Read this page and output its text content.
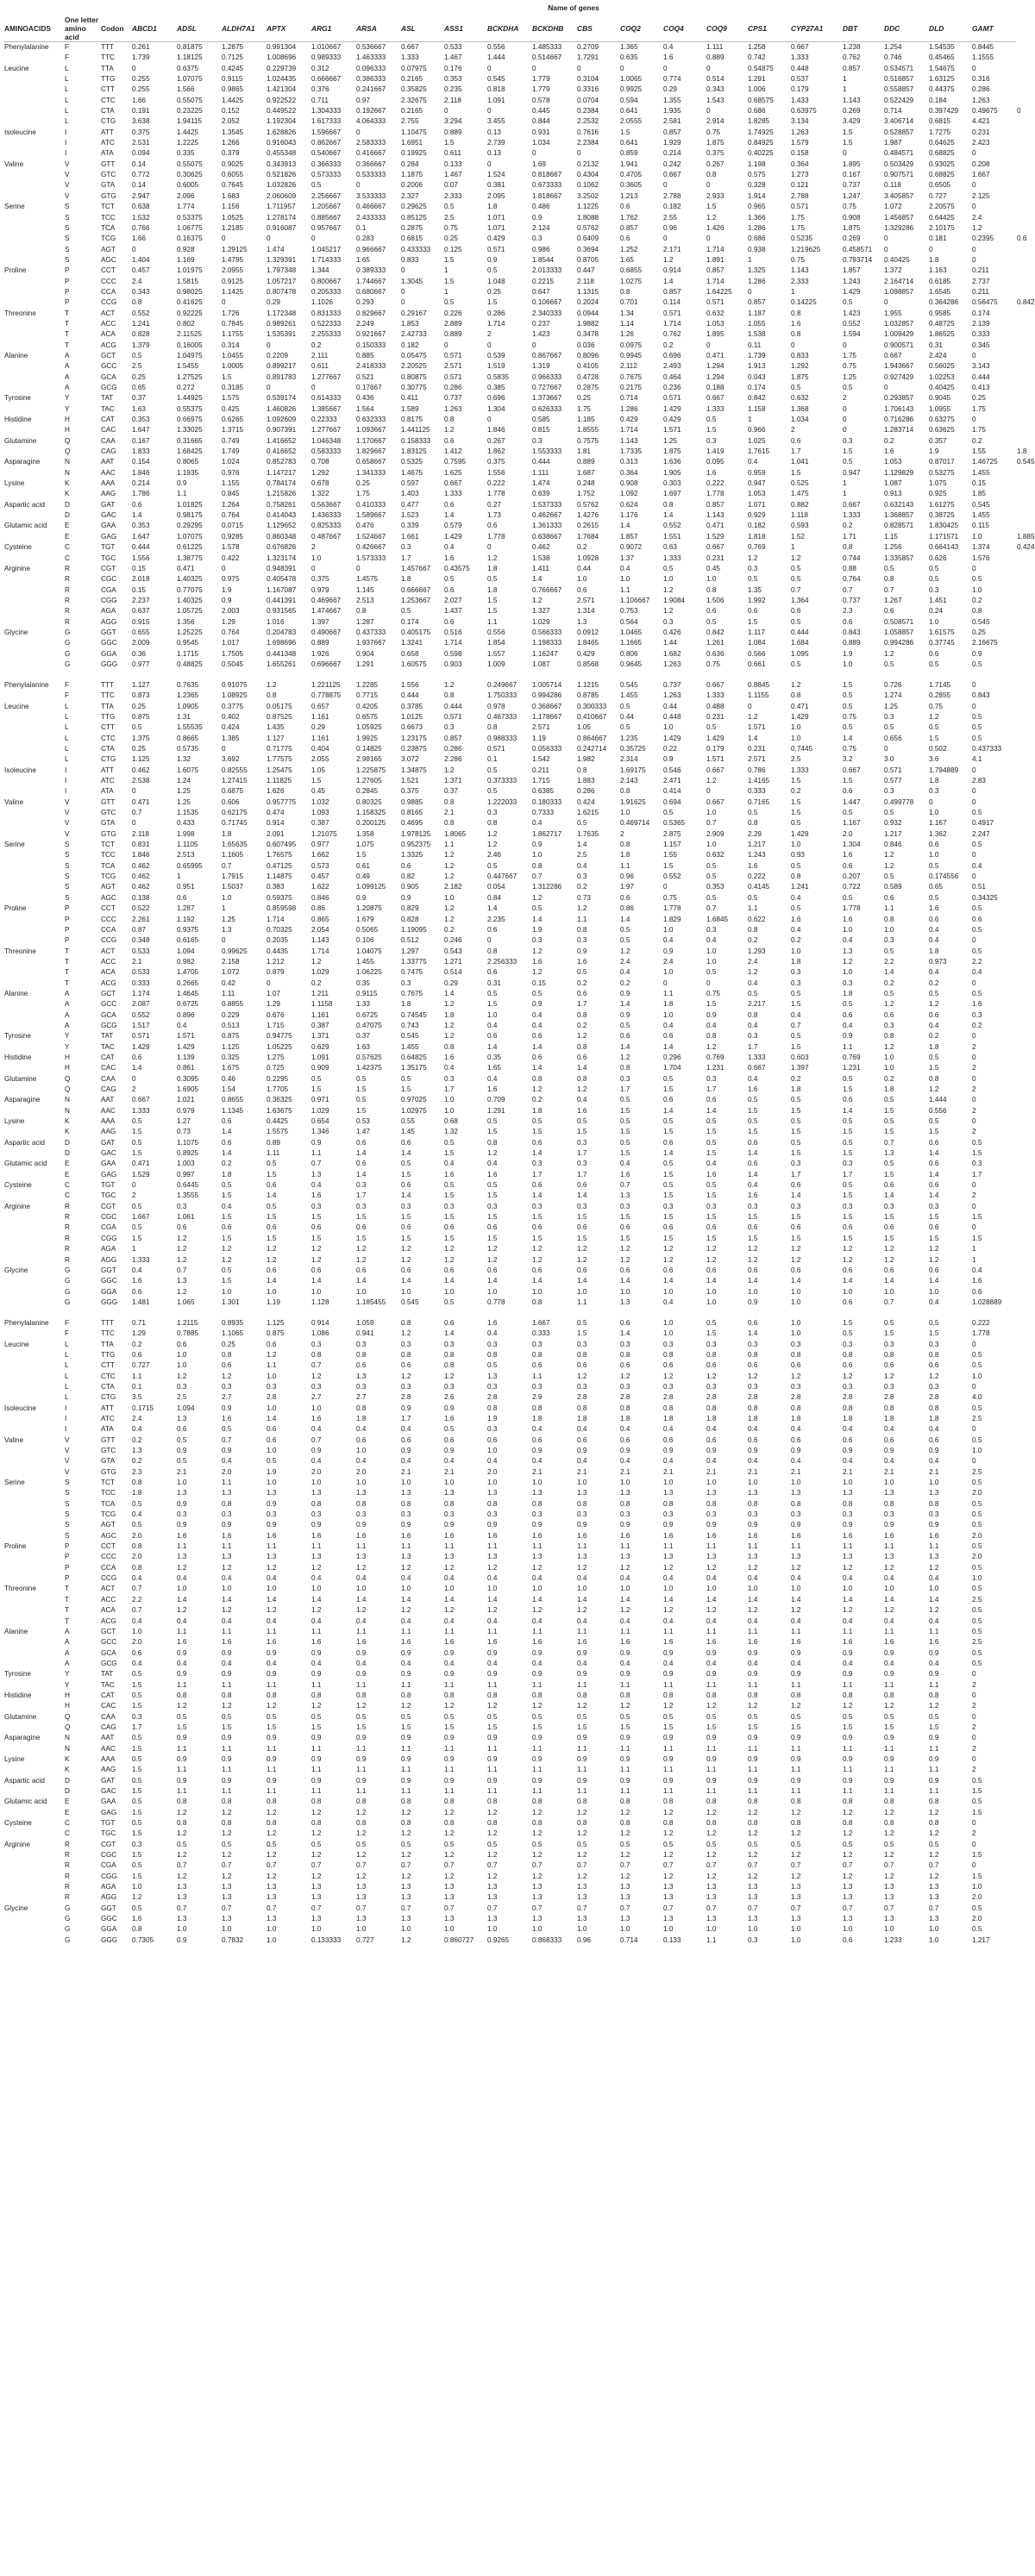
			Name of genes																				
AMINOACIDS	One letter amino acid	Codon	ABCD1	ADSL	ALDH7A1	APTX	ARG1	ARSA	ASL	ASS1	BCKDHA	BCKDHB	CBS	COQ2	COQ4	COQ9	CPS1	CYP27A1	DBT	DDC	DLD	GAMT	
Phenylalanine	F	TTT	0.261	0.81875	1.2875	0.991304	1.010667	0.536667	0.667	0.533	0.556	1.485333	0.2709	1.365	0.4	1.111	1.258	0.667	1.238	1.254	1.54535	0.8445	
	F	TTC	1.739	1.18125	0.7125	1.008696	0.989333	1.463333	1.333	1.467	1.444	0.514667	1.7291	0.635	1.6	0.889	0.742	1.333	0.762	0.746	0.45465	1.1555	
Leucine	L	TTA	0	0.6375	0.4245	0.229739	0.312	0.096333	0.07975	0.176	0	0	0	0	0	0	0.54875	0.448	0.857	0.534571	1.54675	0	
	L	TTG	0.255	1.07075	0.9115	1.024435	0.666667	0.386333	0.2165	0.353	0.545	1.779	0.3104	1.0065	0.774	0.514	1.291	0.537	1	0.516857	1.63125	0.316	
	L	CTT	0.255	1.566	0.9865	1.421304	0.376	0.241667	0.35825	0.235	0.818	1.779	0.3316	0.9925	0.29	0.343	1.006	0.179	1	0.558857	0.44375	0.286	
	L	CTC	1.66	0.55075	1.4425	0.922522	0.711	0.97	2.32675	2.118	1.091	0.578	0.0704	0.594	1.355	1.543	0.68575	1.433	1.143	0.522429	0.184	1.263	
	L	CTA	0.191	0.23225	0.152	0.449522	1.304333	0.192667	0.2165	0	0	0.445	0.2384	0.641	1.935	0	0.686	0.63975	0.269	0.714	0.397429	0.49675	0
	L	CTG	3.638	1.94115	2.052	1.192304	1.617333	4.064333	2.755	3.294	3.455	0.844	2.2532	2.0555	2.581	2.914	1.8285	3.134	3.429	3.406714	0.6815	4.421	
Isoleucine	I	ATT	0.375	1.4425	1.3545	1.628826	1.596667	0	1.10475	0.889	0.13	0.931	0.7616	1.5	0.857	0.75	1.74925	1.263	1.5	0.528857	1.7275	0.231	
	I	ATC	2.531	1.2225	1.266	0.916043	0.862667	2.583333	1.6951	1.5	2.739	1.034	2.2384	0.641	1.929	1.875	0.84925	1.579	1.5	1.987	0.64625	2.423	
	I	ATA	0.094	0.335	0.379	0.455348	0.540667	0.416667	0.19925	0.611	0.13	0	0	0.859	0.214	0.375	0.40225	0.158	0	0.484571	0.68825	0	
Valine	V	GTT	0.14	0.55075	0.9025	0.343913	0.366333	0.366667	0.284	0.133	0	1.69	0.2132	1.941	0.242	0.267	1.198	0.364	1.895	0.503429	0.93025	0.208	
	V	GTC	0.772	0.30625	0.6055	0.521826	0.573333	0.533333	1.1875	1.467	1.524	0.818667	0.4304	0.4705	0.667	0.8	0.575	1.273	0.167	0.907571	0.68825	1.667	
	V	GTA	0.14	0.6005	0.7645	1.032826	0.5	0	0.2006	0.07	0.381	0.673333	0.1062	0.3605	0	0	0.328	0.121	0.737	0.118	0.6505	0	
	V	GTG	2.947	2.096	1.683	2.060609	2.256667	3.533333	2.327	2.333	2.095	1.818667	3.2502	1.213	2.788	2.933	1.914	2.788	1.247	3.405857	0.727	2.125	
Serine	S	TCT	0.638	1.774	1.156	1.711957	1.205667	0.466667	0.29625	0.5	1.8	0.486	1.1225	0.6	0.182	1.5	0.965	0.571	0.75	1.072	2.20575	0	
	S	TCC	1.532	0.53375	1.0525	1.278174	0.885667	2.433333	0.85125	2.5	1.071	0.9	1.8088	1.762	2.55	1.2	1.366	1.75	0.908	1.456857	0.64425	2.4	
	S	TCA	0.766	1.06775	1.2185	0.916087	0.957667	0.1	0.2875	0.75	1.071	2.124	0.5762	0.857	0.96	1.426	1.286	1.75	1.875	1.329286	2.10175	1.2	
	S	TCG	1.66	0.16375	0	0	0	0.283	0.6815	0.25	0.429	0.3	0.6409	0.6	0	0	0.686	0.5235	0.269	0	0.181	0.2395	0.6
	S	AGT	0	0.928	1.29125	1.474	1.045217	0.966667	0.433333	0.125	0.571	0.986	0.3694	1.252	2.171	1.714	0.938	1.219625	0.458571	0	0	0	
	S	AGC	1.404	1.169	1.4795	1.329391	1.714333	1.65	0.833	1.5	0.9	1.8544	0.8705	1.65	1.2	1.891	1	0.75	0.793714	0.40425	1.8	0	
Proline	P	CCT	0.457	1.01975	2.0955	1.797348	1.344	0.389333	0	1	0.5	2.013333	0.447	0.6855	0.914	0.857	1.325	1.143	1.857	1.372	1.163	0.211	
	P	CCC	2.4	1.5815	0.9125	1.057217	0.800667	1.744667	1.3045	1.5	1.048	0.2215	2.118	1.0275	1.4	1.714	1.286	2.333	1.243	2.164714	0.6185	2.737	
	P	CCA	0.343	0.98025	1.1425	0.807478	0.205333	0.680667	0	1	0.25	0.647	1.1315	0.8	0.857	1.64225	0	1	1.429	1.098857	1.6545	0.211	
	P	CCG	0.8	0.41625	0	0.29	1.1026	0.293	0	0.5	1.5	0.106667	0.2024	0.701	0.114	0.571	0.857	0.14225	0.5	0	0.364286	0.56475	0.842
Threonine	T	ACT	0.552	0.92225	1.726	1.172348	0.831333	0.829667	0.29167	0.226	0.286	2.340333	0.0944	1.34	0.571	0.632	1.187	0.8	1.423	1.955	0.9585	0.174	
	T	ACC	1.241	0.802	0.7845	0.989261	0.522333	2.249	1.853	2.889	1.714	0.237	1.9882	1.14	1.714	1.053	1.055	1.6	0.552	1.032857	0.48725	2.139	
	T	ACA	0.828	2.11525	1.1755	1.535391	2.255333	0.921667	2.42733	0.889	2	1.423	0.3478	1.26	0.762	1.895	1.538	0.8	1.594	1.009429	1.86525	0.333	
	T	ACG	1.379	0.16005	0.314	0	0.2	0.150333	0.182	0	0	0	0.036	0.0975	0.2	0	0.11	0	0	0.900571	0.31	0.345	
Alanine	A	GCT	0.5	1.04975	1.0455	0.2209	2.111	0.885	0.05475	0.571	0.539	0.867667	0.8096	0.9945	0.696	0.471	1.739	0.833	1.75	0.667	2.424	0	
	A	GCC	2.5	1.5455	1.0005	0.899217	0.611	2.418333	2.20525	2.571	1.519	1.319	0.4105	2.112	2.493	1.294	1.913	1.292	0.75	1.943667	0.56025	3.143	
	A	GCA	0.25	1.27525	1.5	0.891783	1.277667	0.521	0.80875	0.571	0.5835	0.966333	0.4728	0.7675	0.464	1.294	0.043	1.875	1.25	0.927429	1.02253	0.444	
	A	GCG	0.65	0.272	0.3185	0	0	0.17667	0.30775	0.286	0.385	0.727667	0.2875	0.2175	0.236	0.188	0.174	0.5	0.5	0	0.40425	0.413	
Tyrosine	Y	TAT	0.37	1.44925	1.575	0.539174	0.614333	0.436	0.411	0.737	0.696	1.373667	0.25	0.714	0.571	0.667	0.842	0.632	2	0.293857	0.9045	0.25	
	Y	TAC	1.63	0.55375	0.425	1.460826	1.385667	1.564	1.589	1.263	1.304	0.626333	1.75	1.286	1.429	1.333	1.158	1.368	0	1.706143	1.0955	1.75	
Histidine	H	CAT	0.353	0.66975	0.6265	1.092609	0.22333	0.632333	0.8175	0.8	0	0.585	1.185	0.429	0.429	0.5	1	1.034	0	0.716286	0.63275	0	
	H	CAC	1.647	1.33025	1.3715	0.907391	1.277667	1.093667	1.441125	1.2	1.846	0.815	1.8555	1.714	1.571	1.5	0.966	2	0	1.283714	0.63625	1.75	
Glutamine	Q	CAA	0.167	0.31665	0.749	1.416652	1.046348	1.170667	0.158333	0.6	0.267	0.3	0.7575	1.143	1.25	0.3	1.025	0.6	0.3	0.2	0.357	0.2	
	Q	CAG	1.833	1.68425	1.749	0.416652	0.583333	1.829667	1.83125	1.412	1.862	1.553333	1.81	1.7335	1.875	1.419	1.7615	1.7	1.5	1.6	1.9	1.55	1.8
Asparagine	N	AAT	0.154	0.8065	1.024	0.852783	0.708	0.658667	0.5325	0.7595	0.375	0.444	0.889	0.313	1.636	0.095	0.4	1.041	0.5	1.053	0.87017	1.46725	0.545
	N	AAC	1.846	1.1935	0.976	1.147217	1.292	1.341333	1.4675	1.625	1.556	1.111	1.687	0.364	1.905	1.6	0.959	1.5	0.947	1.129829	0.53275	1.455	
Lysine	K	AAA	0.214	0.9	1.155	0.784174	0.678	0.25	0.597	0.667	0.222	1.474	0.248	0.908	0.303	0.222	0.947	0.525	1	1.087	1.075	0.15	
	K	AAG	1.786	1.1	0.845	1.215826	1.322	1.75	1.403	1.333	1.778	0.639	1.752	1.092	1.697	1.778	1.053	1.475	1	0.913	0.925	1.85	
Aspartic acid	D	GAT	0.6	1.01825	1.264	0.758261	0.563667	0.410333	0.477	0.6	0.27	1.537333	0.5762	0.624	0.8	0.857	1.071	0.882	0.667	0.632143	1.61275	0.545	
	D	GAC	1.4	0.98175	0.764	0.414043	1.436333	1.589667	1.523	1.4	1.73	0.462667	1.4276	1.176	1.4	1.143	0.929	1.118	1.333	1.368857	0.38725	1.455	
Glutamic acid	E	GAA	0.353	0.29295	0.0715	1.129652	0.825333	0.476	0.339	0.579	0.6	1.361333	0.2615	1.4	0.552	0.471	0.182	0.593	0.2	0.828571	1.830425	0.115	
	E	GAG	1.647	1.07075	0.9285	0.860348	0.487667	1.524667	1.661	1.429	1.778	0.638667	1.7684	1.857	1.551	1.529	1.818	1.52	1.71	1.15	1.171571	1.0	1.885
Cysteine	C	TGT	0.444	0.61225	1.578	0.676826	2	0.426667	0.3	0.4	0	0.462	0.2	0.9072	0.63	0.667	0.769	1	0.8	1.256	0.664143	1.374	0.424
	C	TGC	1.556	1.38775	0.422	1.323174	1.0	1.573333	1.7	1.6	1.2	1.538	1.0928	1.37	1.333	0.231	1.2	1.2	0.744	1.335857	0.626	1.576	
Arginine	R	CGT	0.15	0.471	0	0.948391	0	0	1.457667	0.43575	1.8	1.411	0.44	0.4	0.5	0.45	0.3	0.5	0.88	0.5	0.5	0	
	R	CGC	2.018	1.40325	0.975	0.405478	0.375	1.4575	1.8	0.5	0.5	1.4	1.0	1.0	1.0	1.0	0.5	0.5	0.764	0.8	0.5	0.5	
	R	CGA	0.15	0.77075	1.9	1.167087	0.979	1.145	0.666667	0.6	1.8	0.766667	0.6	1.1	1.2	0.8	1.35	0.7	0.7	0.7	0.3	1.0	
	R	CGG	2.237	1.40325	0.9	0.441391	0.469667	2.513	1.253667	2.027	1.5	1.2	2.571	1.106667	1.9084	1.506	1.992	1.364	0.737	1.267	1.451	0.2	
	R	AGA	0.637	1.05725	2.003	0.931565	1.474667	0.8	0.5	1.437	1.5	1.327	1.314	0.753	1.2	0.6	0.6	0.6	2.3	0.6	0.24	0.8	
	R	AGG	0.915	1.356	1.29	1.016	1.397	1.287	0.174	0.6	1.1	1.029	1.3	0.564	0.3	0.5	1.5	0.5	0.6	0.508571	1.0	0.545	
Glycine	G	GGT	0.655	1.25225	0.764	0.204783	0.490667	0.437333	0.405175	0.516	0.556	0.566333	0.0912	1.0465	0.426	0.842	1.117	0.444	0.843	1.058857	1.61575	0.25	
	G	GGC	2.009	0.9545	1.017	1.698696	0.889	1.937667	1.3241	1.714	1.854	1.198333	1.8465	1.1665	1.44	1.261	1.084	1.684	0.889	0.994286	0.37745	2.16675	
	G	GGA	0.36	1.1715	1.7505	0.441348	1.926	0.904	0.658	0.598	1.557	1.16247	0.429	0.806	1.682	0.636	0.566	1.095	1.9	1.2	0.6	0.9	
	G	GGG	0.977	0.48825	0.5045	1.655261	0.696667	1.291	1.60575	0.903	1.009	1.087	0.8568	0.9645	1.263	0.75	0.661	0.5	1.0	0.5	0.5	0.5	
Phenylalanine	F	TTT	1.127	0.7635	0.91075	1.2	1.221125	1.2285	1.556	1.2	0.249667	1.005714	1.1215	0.545	0.737	0.667	0.8845	1.2	1.5	0.726	1.7145	0	
	F	TTC	0.873	1.2365	1.08925	0.8	0.778875	0.7715	0.444	0.8	1.750333	0.994286	0.8785	1.455	1.263	1.333	1.1155	0.8	0.5	1.274	0.2855	0.843	
Leucine	L	TTA	0.25	1.0905	0.3775	0.05175	0.657	0.4205	0.3785	0.444	0.978	0.368667	0.300333	0.5	0.44	0.488	0	0.471	0.5	1.25	0.75	0	
	L	TTG	0.875	1.31	0.402	0.87525	1.161	0.6575	1.0125	0.571	0.467333	1.178667	0.410667	0.44	0.448	0.231	1.2	1.429	0.75	0.3	1.2	0.5	
	L	CTT	0.5	1.55535	0.424	1.435	0.29	1.05925	0.6673	0.3	0.8	2.571	1.05	0.5	1.0	0.5	1.571	1.0	0.5	0.5	0.5	0.5	
	L	CTC	1.375	0.8665	1.385	1.127	1.161	1.9925	1.23175	0.857	0.988333	1.19	0.864667	1.235	1.429	1.429	1.4	1.0	1.4	0.656	1.5	0.5	
	L	CTA	0.25	0.5735	0	0.71775	0.404	0.14825	0.23875	0.286	0.571	0.056333	0.242714	0.35725	0.22	0.179	0.231	0.7445	0.75	0	0.502	0.437333	
	L	CTG	1.125	1.32	3.692	1.77575	2.055	2.98165	3.072	2.286	0.1	1.542	1.982	2.314	0.9	1.571	2.571	2.5	3.2	3.0	3.6	4.1	
Isoleucine	I	ATT	0.462	1.6075	0.82555	1.25475	1.05	1.225875	1.34875	1.2	0.5	0.211	0.8	1.69175	0.546	0.667	0.786	1.333	0.667	0.571	1.794889	0	
	I	ATC	2.538	1.24	1.27415	1.11825	1.5	1.27605	1.521	1.371	0.373333	1.715	1.883	2.143	2.471	1.2	1.4165	1.5	1.5	0.577	1.8	2.83	
	I	ATA	0	1.25	0.6875	1.626	0.45	0.2845	0.375	0.37	0.5	0.6385	0.286	0.8	0.414	0	0.333	0.2	0.6	0.3	0.3	0	
Valine	V	GTT	0.471	1.25	0.606	0.957775	1.032	0.80325	0.9885	0.8	1.222033	0.180333	0.424	1.91625	0.694	0.667	0.7165	1.5	1.447	0.499778	0	0	
	V	GTC	0.7	1.1535	0.62175	0.474	1.093	1.158325	0.8165	2.1	0.3	0.7333	1.6215	1.0	0.5	1.0	0.5	1.5	0.5	0.5	1.0	0.5	
	V	GTA	0	0.433	0.71745	0.914	0.387	0.200125	0.4695	0.8	0.8	0.4	0.5	0.469714	0.5365	0.7	0.8	0.5	1.167	0.932	1.167	0.4917	
	V	GTG	2.118	1.998	1.8	2.091	1.21075	1.358	1.978125	1.8065	1.2	1.862717	1.7635	2	2.875	2.909	2.29	1.429	2.0	1.217	1.362	2.247	
Serine	S	TCT	0.831	1.1105	1.65635	0.607495	0.977	1.075	0.952375	1.1	1.2	0.9	1.4	0.8	1.157	1.0	1.217	1.0	1.304	0.846	0.6	0.5	
	S	TCC	1.846	2.513	1.1605	1.76575	1.662	1.5	1.3325	1.2	2.46	1.0	2.5	1.8	1.55	0.632	1.243	0.93	1.6	1.2	1.0	0	
	S	TCA	0.462	0.65995	0.7	0.47125	0.573	0.61	0.6	1.2	0.5	0.8	0.4	1.1	1.5	0.5	1.6	0.5	0.6	1.2	0.5	0.4	
	S	TCG	0.462	1	1.7915	1.14875	0.457	0.49	0.82	1.2	0.447667	0.7	0.3	0.96	0.552	0.5	0.222	0.8	0.207	0.5	0.174556	0	
	S	AGT	0.462	0.951	1.5037	0.383	1.622	1.099125	0.905	2.182	0.054	1.312286	0.2	1.97	0	0.353	0.4145	1.241	0.722	0.589	0.65	0.51	
	S	AGC	0.138	0.6	1.0	0.59375	0.846	0.9	0.9	1.0	0.84	1.2	0.73	0.6	0.75	0.5	0.5	0.4	0.5	0.6	0.5	0.34325	
Proline	P	CCT	0.522	1.287	1	0.859598	0.86	1.20875	0.829	1.2	1.4	0.5	1.2	0.86	1.778	0.7	1.1	0.5	1.778	1.1	1.6	0.5	
	P	CCC	2.261	1.192	1.25	1.714	0.865	1.679	0.828	1.2	2.235	1.4	1.1	1.4	1.829	1.6845	0.622	1.6	1.6	0.8	0.6	0.6	
	P	CCA	0.87	0.9375	1.3	0.70325	2.054	0.5065	1.19095	0.2	0.6	1.9	0.8	0.5	1.0	0.3	0.8	0.4	1.0	1.0	0.4	0.5	
	P	CCG	0.348	0.6165	0	0.2035	1.143	0.106	0.512	0.246	0	0.3	0.3	0.5	0.4	0.4	0.2	0.2	0.4	0.3	0.4	0	
Threonine	T	ACT	0.533	1.094	0.99625	0.4435	1.714	1.04075	1.297	0.543	0.8	1.2	0.9	1.2	0.9	1.0	1.293	1.0	1.3	0.5	1.8	0.5	
	T	ACC	2.1	0.982	2.158	1.212	1.2	1.455	1.33775	1.271	2.256333	1.6	1.6	2.4	2.4	1.0	2.4	1.8	1.2	2.2	0.973	2.2	
	T	ACA	0.533	1.4705	1.072	0.879	1.029	1.06225	0.7475	0.514	0.6	1.2	0.5	0.4	1.0	0.5	1.2	0.3	1.0	1.4	0.4	0.4	
	T	ACG	0.333	0.2665	0.42	0	0.2	0.35	0.3	0.29	0.31	0.15	0.2	0.2	0	0	0.4	0.3	0.3	0.2	0.2	0	
Alanine	A	GCT	1.174	1.4645	1.11	1.07	1.211	0.9115	0.7675	1.4	0.5	0.5	0.6	0.9	1.1	0.75	0.5	0.5	1.8	0.5	0.5	0.5	
	A	GCC	2.087	0.6725	0.8855	1.29	1.1158	1.33	1.8	1.2	1.5	0.9	1.7	1.4	1.8	1.5	2.217	1.5	0.5	1.2	1.2	1.6	
	A	GCA	0.552	0.896	0.229	0.676	1.161	0.6725	0.74545	1.8	1.0	0.4	0.8	0.9	1.0	0.9	0.8	0.4	0.6	0.6	0.6	0.3	
	A	GCG	1.517	0.4	0.513	1.715	0.387	0.47075	0.743	1.2	0.4	0.4	0.2	0.5	0.4	0.4	0.4	0.7	0.4	0.3	0.4	0.2	
Tyrosine	Y	TAT	0.571	1.571	0.875	0.94775	1.371	0.37	0.545	1.2	0.6	0.6	1.2	0.6	0.6	0.8	0.3	0.5	0.9	0.8	0.2	0	
	Y	TAC	1.429	1.429	1.125	1.05225	0.629	1.63	1.455	0.8	1.4	1.4	0.8	1.4	1.4	1.2	1.7	1.5	1.1	1.2	1.8	2	
Histidine	H	CAT	0.6	1.139	0.325	1.275	1.091	0.57625	0.64825	1.6	0.35	0.6	0.6	1.2	0.296	0.769	1.333	0.603	0.769	1.0	0.5	0	
	H	CAC	1.4	0.861	1.675	0.725	0.909	1.42375	1.35175	0.4	1.65	1.4	1.4	0.8	1.704	1.231	0.667	1.397	1.231	1.0	1.5	2	
Glutamine	Q	CAA	0	0.3095	0.46	0.2295	0.5	0.5	0.5	0.3	0.4	0.8	0.8	0.3	0.5	0.3	0.4	0.2	0.5	0.2	0.8	0	
	Q	CAG	2	1.6905	1.54	1.7705	1.5	1.5	1.5	1.7	1.6	1.2	1.2	1.7	1.5	1.7	1.6	1.8	1.5	1.8	1.2	2	
Asparagine	N	AAT	0.667	1.021	0.8655	0.36325	0.971	0.5	0.97025	1.0	0.709	0.2	0.4	0.5	0.6	0.6	0.5	0.5	0.6	0.5	1.444	0	
	N	AAC	1.333	0.979	1.1345	1.63675	1.029	1.5	1.02975	1.0	1.291	1.8	1.6	1.5	1.4	1.4	1.5	1.5	1.4	1.5	0.556	2	
Lysine	K	AAA	0.5	1.27	0.6	0.4425	0.654	0.53	0.55	0.68	0.5	0.5	0.5	0.5	0.5	0.5	0.5	0.5	0.5	0.5	0.5	0	
	K	AAG	1.5	0.73	1.4	1.5575	1.346	1.47	1.45	1.32	1.5	1.5	1.5	1.5	1.5	1.5	1.5	1.5	1.5	1.5	1.5	2	
Aspartic acid	D	GAT	0.5	1.1075	0.6	0.89	0.9	0.6	0.6	0.5	0.8	0.6	0.3	0.5	0.6	0.5	0.6	0.5	0.5	0.7	0.6	0.5	
	D	GAC	1.5	0.8925	1.4	1.11	1.1	1.4	1.4	1.5	1.2	1.4	1.7	1.5	1.4	1.5	1.4	1.5	1.5	1.3	1.4	1.5	
Glutamic acid	E	GAA	0.471	1.003	0.2	0.5	0.7	0.6	0.5	0.4	0.4	0.3	0.3	0.4	0.5	0.4	0.6	0.3	0.3	0.5	0.6	0.3	
	E	GAG	1.529	0.997	1.8	1.5	1.3	1.4	1.5	1.6	1.6	1.7	1.7	1.6	1.5	1.6	1.4	1.7	1.7	1.5	1.4	1.7	
Cysteine	C	TGT	0	0.6445	0.5	0.6	0.4	0.3	0.6	0.5	0.5	0.6	0.6	0.7	0.5	0.5	0.4	0.6	0.5	0.6	0.6	0	
	C	TGC	2	1.3555	1.5	1.4	1.6	1.7	1.4	1.5	1.5	1.4	1.4	1.3	1.5	1.5	1.6	1.4	1.5	1.4	1.4	2	
Arginine	R	CGT	0.5	0.3	0.4	0.5	0.3	0.3	0.3	0.3	0.3	0.3	0.3	0.3	0.3	0.3	0.3	0.3	0.3	0.3	0.3	0	
	R	CGC	1.667	1.061	1.5	1.5	1.5	1.5	1.5	1.5	1.5	1.5	1.5	1.5	1.5	1.5	1.5	1.5	1.5	1.5	1.5	1.5	
	R	CGA	0.5	0.6	0.6	0.6	0.6	0.6	0.6	0.6	0.6	0.6	0.6	0.6	0.6	0.6	0.6	0.6	0.6	0.6	0.6	0	
	R	CGG	1.5	1.2	1.5	1.5	1.5	1.5	1.5	1.5	1.5	1.5	1.5	1.5	1.5	1.5	1.5	1.5	1.5	1.5	1.5	1.5	
	R	AGA	1	1.2	1.2	1.2	1.2	1.2	1.2	1.2	1.2	1.2	1.2	1.2	1.2	1.2	1.2	1.2	1.2	1.2	1.2	1	
	R	AGG	1.333	1.2	1.2	1.2	1.2	1.2	1.2	1.2	1.2	1.2	1.2	1.2	1.2	1.2	1.2	1.2	1.2	1.2	1.2	1	
Glycine	G	GGT	0.4	0.7	0.5	0.6	0.6	0.6	0.6	0.6	0.6	0.6	0.6	0.6	0.6	0.6	0.6	0.6	0.6	0.6	0.6	0.4	
	G	GGC	1.6	1.3	1.5	1.4	1.4	1.4	1.4	1.4	1.4	1.4	1.4	1.4	1.4	1.4	1.4	1.4	1.4	1.4	1.4	1.6	
	G	GGA	0.6	1.2	1.0	1.0	1.0	1.0	1.0	1.0	1.0	1.0	1.0	1.0	1.0	1.0	1.0	1.0	1.0	1.0	1.0	0.6	
	G	GGG	1.481	1.065	1.301	1.19	1.128	1.185455	0.545	0.5	0.778	0.8	1.1	1.3	0.4	1.0	0.9	1.0	0.6	0.7	0.4	1.028889	
Phenylalanine	F	TTT	0.71	1.2115	0.8935	1.125	0.914	1.059	0.8	0.6	1.6	1.667	0.5	0.6	1.0	0.5	0.6	1.0	1.5	0.5	0.5	0.222	
	F	TTC	1.29	0.7885	1.1065	0.875	1.086	0.941	1.2	1.4	0.4	0.333	1.5	1.4	1.0	1.5	1.4	1.0	0.5	1.5	1.5	1.778	
Leucine	L	TTA	0.2	0.6	0.25	0.6	0.3	0.3	0.3	0.3	0.3	0.3	0.3	0.3	0.3	0.3	0.3	0.3	0.3	0.3	0.3	0	
	L	TTG	0.6	1.0	0.8	1.2	0.8	0.8	0.8	0.8	0.8	0.8	0.8	0.8	0.8	0.8	0.8	0.8	0.8	0.8	0.8	0.5	
	L	CTT	0.727	1.0	0.6	1.1	0.7	0.6	0.6	0.8	0.5	0.6	0.6	0.6	0.6	0.6	0.6	0.6	0.6	0.6	0.6	0.5	
	L	CTC	1.1	1.2	1.2	1.0	1.2	1.3	1.2	1.2	1.3	1.1	1.2	1.2	1.2	1.2	1.2	1.2	1.2	1.2	1.2	1.0	
	L	CTA	0.1	0.3	0.3	0.3	0.3	0.3	0.3	0.3	0.3	0.3	0.3	0.3	0.3	0.3	0.3	0.3	0.3	0.3	0.3	0	
	L	CTG	3.5	2.5	2.7	2.8	2.7	2.7	2.8	2.6	2.8	2.9	2.8	2.8	2.8	2.8	2.8	2.8	2.8	2.8	2.8	4.0	
Isoleucine	I	ATT	0.1715	1.094	0.9	1.0	1.0	0.8	0.9	0.9	0.8	0.8	0.8	0.8	0.8	0.8	0.8	0.8	0.8	0.8	0.8	0.5	
	I	ATC	2.4	1.3	1.6	1.4	1.6	1.8	1.7	1.6	1.9	1.8	1.8	1.8	1.8	1.8	1.8	1.8	1.8	1.8	1.8	2.5	
	I	ATA	0.4	0.6	0.5	0.6	0.4	0.4	0.4	0.5	0.3	0.4	0.4	0.4	0.4	0.4	0.4	0.4	0.4	0.4	0.4	0	
Valine	V	GTT	0.2	0.5	0.7	0.6	0.7	0.6	0.6	0.6	0.6	0.6	0.6	0.6	0.6	0.6	0.6	0.6	0.6	0.6	0.6	0.5	
	V	GTC	1.3	0.9	0.9	1.0	0.9	1.0	0.9	0.9	1.0	0.9	0.9	0.9	0.9	0.9	0.9	0.9	0.9	0.9	0.9	1.0	
	V	GTA	0.2	0.5	0.4	0.5	0.4	0.4	0.4	0.4	0.4	0.4	0.4	0.4	0.4	0.4	0.4	0.4	0.4	0.4	0.4	0	
	V	GTG	2.3	2.1	2.0	1.9	2.0	2.0	2.1	2.1	2.0	2.1	2.1	2.1	2.1	2.1	2.1	2.1	2.1	2.1	2.1	2.5	
Serine	S	TCT	0.8	1.0	1.1	1.0	1.0	1.0	1.0	1.0	1.0	1.0	1.0	1.0	1.0	1.0	1.0	1.0	1.0	1.0	1.0	0.5	
	S	TCC	1.8	1.3	1.3	1.3	1.3	1.3	1.3	1.3	1.3	1.3	1.3	1.3	1.3	1.3	1.3	1.3	1.3	1.3	1.3	2.0	
	S	TCA	0.5	0.9	0.8	0.9	0.8	0.8	0.8	0.8	0.8	0.8	0.8	0.8	0.8	0.8	0.8	0.8	0.8	0.8	0.8	0.5	
	S	TCG	0.4	0.3	0.3	0.3	0.3	0.3	0.3	0.3	0.3	0.3	0.3	0.3	0.3	0.3	0.3	0.3	0.3	0.3	0.3	0.5	
	S	AGT	0.5	0.9	0.9	0.9	0.9	0.9	0.9	0.9	0.9	0.9	0.9	0.9	0.9	0.9	0.9	0.9	0.9	0.9	0.9	0.5	
	S	AGC	2.0	1.6	1.6	1.6	1.6	1.6	1.6	1.6	1.6	1.6	1.6	1.6	1.6	1.6	1.6	1.6	1.6	1.6	1.6	2.0	
Proline	P	CCT	0.8	1.1	1.1	1.1	1.1	1.1	1.1	1.1	1.1	1.1	1.1	1.1	1.1	1.1	1.1	1.1	1.1	1.1	1.1	0.5	
	P	CCC	2.0	1.3	1.3	1.3	1.3	1.3	1.3	1.3	1.3	1.3	1.3	1.3	1.3	1.3	1.3	1.3	1.3	1.3	1.3	2.0	
	P	CCA	0.8	1.2	1.2	1.2	1.2	1.2	1.2	1.2	1.2	1.2	1.2	1.2	1.2	1.2	1.2	1.2	1.2	1.2	1.2	0.5	
	P	CCG	0.4	0.4	0.4	0.4	0.4	0.4	0.4	0.4	0.4	0.4	0.4	0.4	0.4	0.4	0.4	0.4	0.4	0.4	0.4	1.0	
Threonine	T	ACT	0.7	1.0	1.0	1.0	1.0	1.0	1.0	1.0	1.0	1.0	1.0	1.0	1.0	1.0	1.0	1.0	1.0	1.0	1.0	0.5	
	T	ACC	2.2	1.4	1.4	1.4	1.4	1.4	1.4	1.4	1.4	1.4	1.4	1.4	1.4	1.4	1.4	1.4	1.4	1.4	1.4	2.5	
	T	ACA	0.7	1.2	1.2	1.2	1.2	1.2	1.2	1.2	1.2	1.2	1.2	1.2	1.2	1.2	1.2	1.2	1.2	1.2	1.2	0.5	
	T	ACG	0.4	0.4	0.4	0.4	0.4	0.4	0.4	0.4	0.4	0.4	0.4	0.4	0.4	0.4	0.4	0.4	0.4	0.4	0.4	0.5	
Alanine	A	GCT	1.0	1.1	1.1	1.1	1.1	1.1	1.1	1.1	1.1	1.1	1.1	1.1	1.1	1.1	1.1	1.1	1.1	1.1	1.1	0.5	
	A	GCC	2.0	1.6	1.6	1.6	1.6	1.6	1.6	1.6	1.6	1.6	1.6	1.6	1.6	1.6	1.6	1.6	1.6	1.6	1.6	2.5	
	A	GCA	0.6	0.9	0.9	0.9	0.9	0.9	0.9	0.9	0.9	0.9	0.9	0.9	0.9	0.9	0.9	0.9	0.9	0.9	0.9	0.5	
	A	GCG	0.4	0.4	0.4	0.4	0.4	0.4	0.4	0.4	0.4	0.4	0.4	0.4	0.4	0.4	0.4	0.4	0.4	0.4	0.4	0.5	
Tyrosine	Y	TAT	0.5	0.9	0.9	0.9	0.9	0.9	0.9	0.9	0.9	0.9	0.9	0.9	0.9	0.9	0.9	0.9	0.9	0.9	0.9	0	
	Y	TAC	1.5	1.1	1.1	1.1	1.1	1.1	1.1	1.1	1.1	1.1	1.1	1.1	1.1	1.1	1.1	1.1	1.1	1.1	1.1	2	
Histidine	H	CAT	0.5	0.8	0.8	0.8	0.8	0.8	0.8	0.8	0.8	0.8	0.8	0.8	0.8	0.8	0.8	0.8	0.8	0.8	0.8	0	
	H	CAC	1.5	1.2	1.2	1.2	1.2	1.2	1.2	1.2	1.2	1.2	1.2	1.2	1.2	1.2	1.2	1.2	1.2	1.2	1.2	2	
Glutamine	Q	CAA	0.3	0.5	0.5	0.5	0.5	0.5	0.5	0.5	0.5	0.5	0.5	0.5	0.5	0.5	0.5	0.5	0.5	0.5	0.5	0	
	Q	CAG	1.7	1.5	1.5	1.5	1.5	1.5	1.5	1.5	1.5	1.5	1.5	1.5	1.5	1.5	1.5	1.5	1.5	1.5	1.5	2	
Asparagine	N	AAT	0.5	0.9	0.9	0.9	0.9	0.9	0.9	0.9	0.9	0.9	0.9	0.9	0.9	0.9	0.9	0.9	0.9	0.9	0.9	0	
	N	AAC	1.5	1.1	1.1	1.1	1.1	1.1	1.1	1.1	1.1	1.1	1.1	1.1	1.1	1.1	1.1	1.1	1.1	1.1	1.1	2	
Lysine	K	AAA	0.5	0.9	0.9	0.9	0.9	0.9	0.9	0.9	0.9	0.9	0.9	0.9	0.9	0.9	0.9	0.9	0.9	0.9	0.9	0	
	K	AAG	1.5	1.1	1.1	1.1	1.1	1.1	1.1	1.1	1.1	1.1	1.1	1.1	1.1	1.1	1.1	1.1	1.1	1.1	1.1	2	
Aspartic acid	D	GAT	0.5	0.9	0.9	0.9	0.9	0.9	0.9	0.9	0.9	0.9	0.9	0.9	0.9	0.9	0.9	0.9	0.9	0.9	0.9	0.5	
	D	GAC	1.5	1.1	1.1	1.1	1.1	1.1	1.1	1.1	1.1	1.1	1.1	1.1	1.1	1.1	1.1	1.1	1.1	1.1	1.1	1.5	
Glutamic acid	E	GAA	0.5	0.8	0.8	0.8	0.8	0.8	0.8	0.8	0.8	0.8	0.8	0.8	0.8	0.8	0.8	0.8	0.8	0.8	0.8	0.5	
	E	GAG	1.5	1.2	1.2	1.2	1.2	1.2	1.2	1.2	1.2	1.2	1.2	1.2	1.2	1.2	1.2	1.2	1.2	1.2	1.2	1.5	
Cysteine	C	TGT	0.5	0.8	0.8	0.8	0.8	0.8	0.8	0.8	0.8	0.8	0.8	0.8	0.8	0.8	0.8	0.8	0.8	0.8	0.8	0	
	C	TGC	1.5	1.2	1.2	1.2	1.2	1.2	1.2	1.2	1.2	1.2	1.2	1.2	1.2	1.2	1.2	1.2	1.2	1.2	1.2	2	
Arginine	R	CGT	0.3	0.5	0.5	0.5	0.5	0.5	0.5	0.5	0.5	0.5	0.5	0.5	0.5	0.5	0.5	0.5	0.5	0.5	0.5	0	
	R	CGC	1.5	1.2	1.2	1.2	1.2	1.2	1.2	1.2	1.2	1.2	1.2	1.2	1.2	1.2	1.2	1.2	1.2	1.2	1.2	1.5	
	R	CGA	0.5	0.7	0.7	0.7	0.7	0.7	0.7	0.7	0.7	0.7	0.7	0.7	0.7	0.7	0.7	0.7	0.7	0.7	0.7	0	
	R	CGG	1.5	1.2	1.2	1.2	1.2	1.2	1.2	1.2	1.2	1.2	1.2	1.2	1.2	1.2	1.2	1.2	1.2	1.2	1.2	1.5	
	R	AGA	1.0	1.3	1.3	1.3	1.3	1.3	1.3	1.3	1.3	1.3	1.3	1.3	1.3	1.3	1.3	1.3	1.3	1.3	1.3	1.0	
	R	AGG	1.2	1.3	1.3	1.3	1.3	1.3	1.3	1.3	1.3	1.3	1.3	1.3	1.3	1.3	1.3	1.3	1.3	1.3	1.3	2.0	
Glycine	G	GGT	0.5	0.7	0.7	0.7	0.7	0.7	0.7	0.7	0.7	0.7	0.7	0.7	0.7	0.7	0.7	0.7	0.7	0.7	0.7	0.5	
	G	GGC	1.6	1.3	1.3	1.3	1.3	1.3	1.3	1.3	1.3	1.3	1.3	1.3	1.3	1.3	1.3	1.3	1.3	1.3	1.3	2.0	
	G	GGA	0.8	1.0	1.0	1.0	1.0	1.0	1.0	1.0	1.0	1.0	1.0	1.0	1.0	1.0	1.0	1.0	1.0	1.0	1.0	0.5	
	G	GGG	0.7305	0.9	0.7832	1.0	0.133333	0.727	1.2	0.860727	0.9265	0.868333	0.96	0.714	0.133	1.1	0.3	1.0	0.6	1.233	1.0	1.217	
